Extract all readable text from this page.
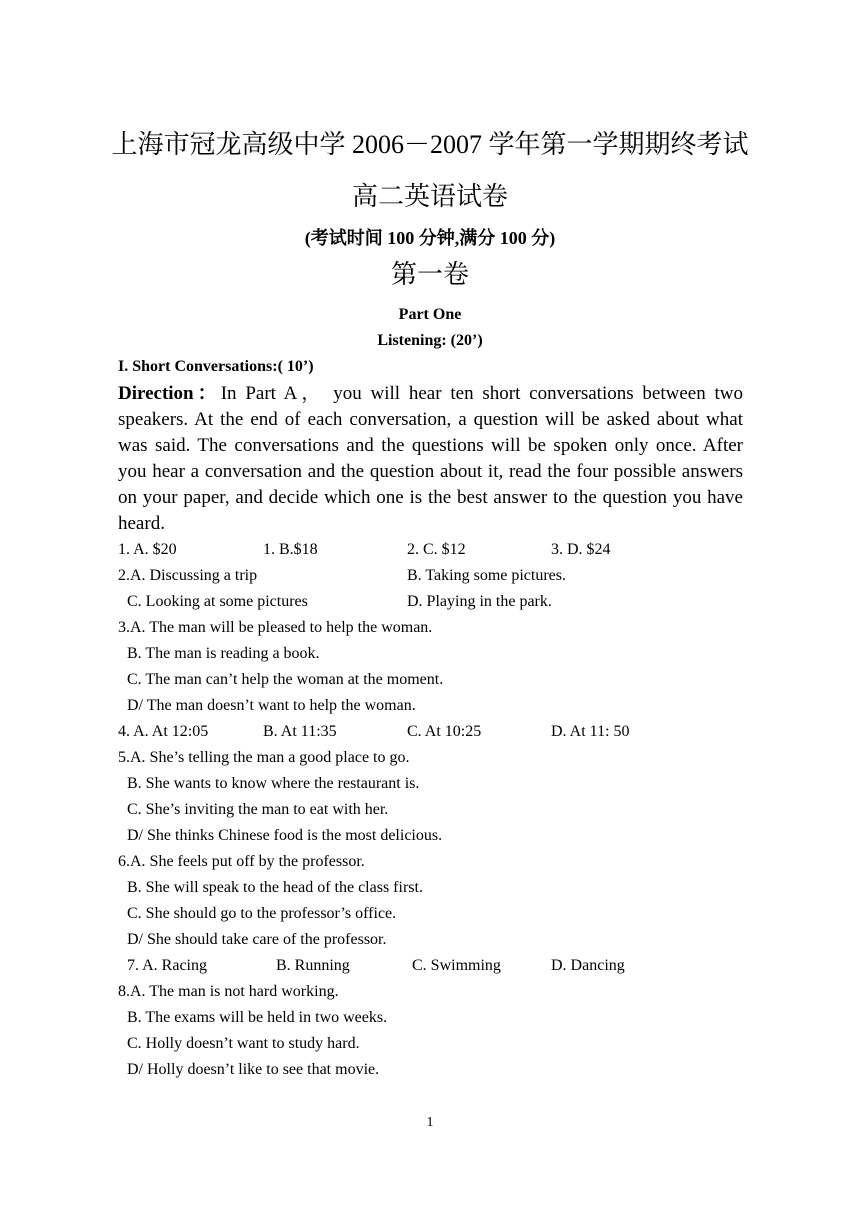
上海市冠龙高级中学 2006－2007 学年第一学期期终考试
高二英语试卷
(考试时间 100 分钟,满分 100 分)
第一卷
Part One
Listening: (20’)
I. Short Conversations:( 10’)
Direction：In Part A， you will hear ten short conversations between two speakers. At the end of each conversation, a question will be asked about what was said. The conversations and the questions will be spoken only once. After you hear a conversation and the question about it, read the four possible answers on your paper, and decide which one is the best answer to the question you have heard.
1. A. $20	1. B.$18	2. C. $12	3. D. $24
2.A. Discussing a trip	B. Taking some pictures.
C. Looking at some pictures	D. Playing in the park.
3.A. The man will be pleased to help the woman.
B. The man is reading a book.
C. The man can’t help the woman at the moment.
D/ The man doesn’t want to help the woman.
4. A. At 12:05	B. At 11:35	C. At 10:25	D. At 11: 50
5.A. She’s telling the man a good place to go.
B. She wants to know where the restaurant is.
C. She’s inviting the man to eat with her.
D/ She thinks Chinese food is the most delicious.
6.A. She feels put off by the professor.
B. She will speak to the head of the class first.
C. She should go to the professor’s office.
D/ She should take care of the professor.
7. A. Racing	B. Running	C. Swimming	D. Dancing
8.A. The man is not hard working.
B. The exams will be held in two weeks.
C. Holly doesn’t want to study hard.
D/ Holly doesn’t like to see that movie.
1
